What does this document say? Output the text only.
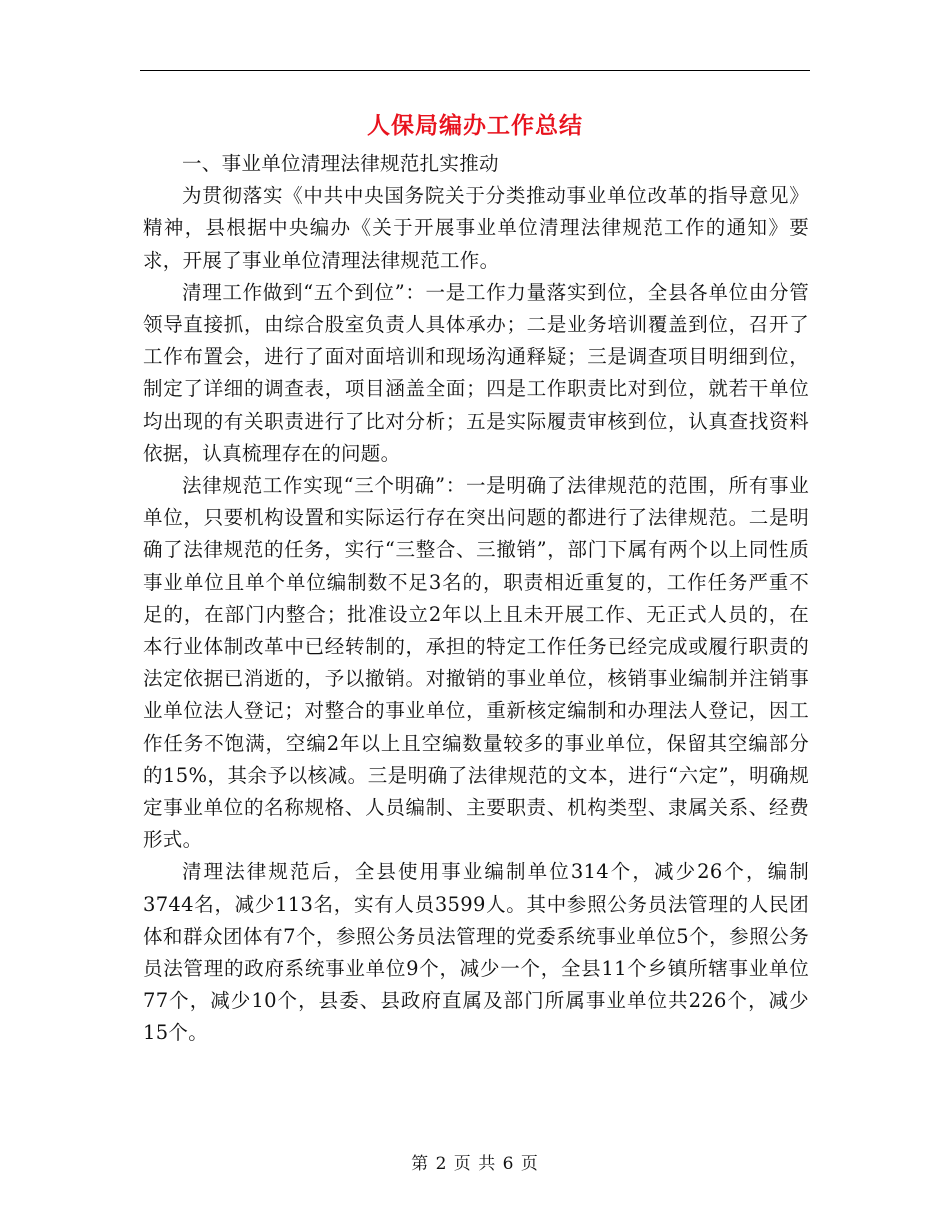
人保局编办工作总结

一、事业单位清理法律规范扎实推动

为贯彻落实《中共中央国务院关于分类推动事业单位改革的指导意见》精神，县根据中央编办《关于开展事业单位清理法律规范工作的通知》要求，开展了事业单位清理法律规范工作。

清理工作做到“五个到位”：一是工作力量落实到位，全县各单位由分管领导直接抓，由综合股室负责人具体承办；二是业务培训覆盖到位，召开了工作布置会，进行了面对面培训和现场沟通释疑；三是调查项目明细到位，制定了详细的调查表，项目涵盖全面；四是工作职责比对到位，就若干单位均出现的有关职责进行了比对分析；五是实际履责审核到位，认真查找资料依据，认真梳理存在的问题。

法律规范工作实现“三个明确”：一是明确了法律规范的范围，所有事业单位，只要机构设置和实际运行存在突出问题的都进行了法律规范。二是明确了法律规范的任务，实行“三整合、三撤销”，部门下属有两个以上同性质事业单位且单个单位编制数不足3名的，职责相近重复的，工作任务严重不足的，在部门内整合；批准设立2年以上且未开展工作、无正式人员的，在本行业体制改革中已经转制的，承担的特定工作任务已经完成或履行职责的法定依据已消逝的，予以撤销。对撤销的事业单位，核销事业编制并注销事业单位法人登记；对整合的事业单位，重新核定编制和办理法人登记，因工作任务不饱满，空编2年以上且空编数量较多的事业单位，保留其空编部分的15%，其余予以核减。三是明确了法律规范的文本，进行“六定”，明确规定事业单位的名称规格、人员编制、主要职责、机构类型、隶属关系、经费形式。

清理法律规范后，全县使用事业编制单位314个，减少26个，编制3744名，减少113名，实有人员3599人。其中参照公务员法管理的人民团体和群众团体有7个，参照公务员法管理的党委系统事业单位5个，参照公务员法管理的政府系统事业单位9个，减少一个，全县11个乡镇所辖事业单位77个，减少10个，县委、县政府直属及部门所属事业单位共226个，减少15个。

第 2 页 共 6 页
